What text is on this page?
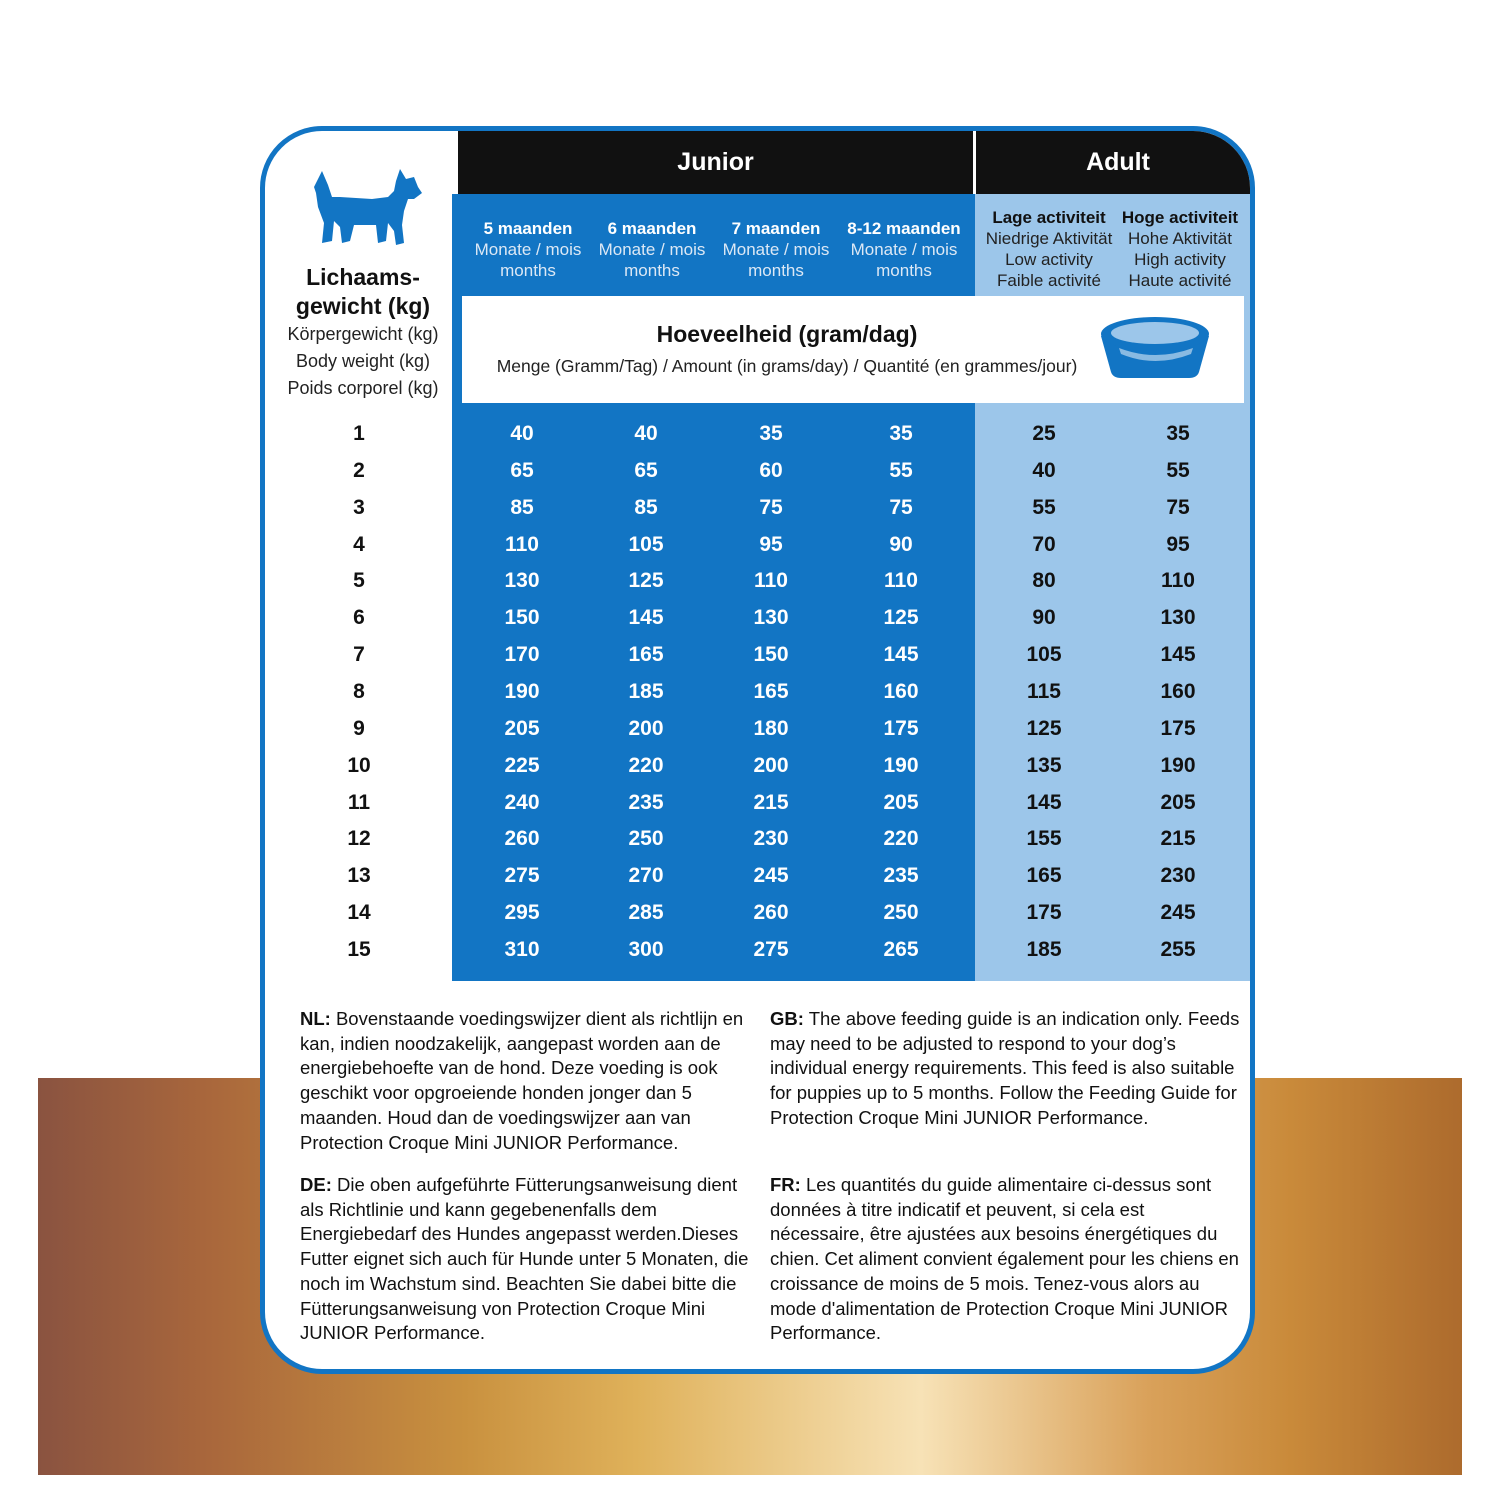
Junior	Adult
Lichaams-
gewicht (kg)
Körpergewicht (kg)
Body weight (kg)
Poids corporel (kg)
5 maanden
Monate / mois
months
6 maanden
Monate / mois
months
7 maanden
Monate / mois
months
8-12 maanden
Monate / mois
months
Lage activiteit
Niedrige Aktivität
Low activity
Faible activité
Hoge activiteit
Hohe Aktivität
High activity
Haute activité
Hoeveelheid (gram/dag)
Menge (Gramm/Tag) / Amount (in grams/day) / Quantité (en grammes/jour)
1	40	40	35	35	25	35
2	65	65	60	55	40	55
3	85	85	75	75	55	75
4	110	105	95	90	70	95
5	130	125	110	110	80	110
6	150	145	130	125	90	130
7	170	165	150	145	105	145
8	190	185	165	160	115	160
9	205	200	180	175	125	175
10	225	220	200	190	135	190
11	240	235	215	205	145	205
12	260	250	230	220	155	215
13	275	270	245	235	165	230
14	295	285	260	250	175	245
15	310	300	275	265	185	255
NL: Bovenstaande voedingswijzer dient als richtlijn en kan, indien noodzakelijk, aangepast worden aan de energiebehoefte van de hond. Deze voeding is ook geschikt voor opgroeiende honden jonger dan 5 maanden. Houd dan de voedingswijzer aan van Protection Croque Mini JUNIOR Performance.
GB: The above feeding guide is an indication only. Feeds may need to be adjusted to respond to your dog’s individual energy requirements. This feed is also suitable for puppies up to 5 months. Follow the Feeding Guide for Protection Croque Mini JUNIOR Performance.
DE: Die oben aufgeführte Fütterungsanweisung dient als Richtlinie und kann gegebenenfalls dem Energiebedarf des Hundes angepasst werden.Dieses Futter eignet sich auch für Hunde unter 5 Monaten, die noch im Wachstum sind. Beachten Sie dabei bitte die Fütterungsanweisung von Protection Croque Mini JUNIOR Performance.
FR: Les quantités du guide alimentaire ci-dessus sont données à titre indicatif et peuvent, si cela est nécessaire, être ajustées aux besoins énergétiques du chien. Cet aliment convient également pour les chiens en croissance de moins de 5 mois. Tenez-vous alors au mode d'alimentation de Protection Croque Mini JUNIOR Performance.
